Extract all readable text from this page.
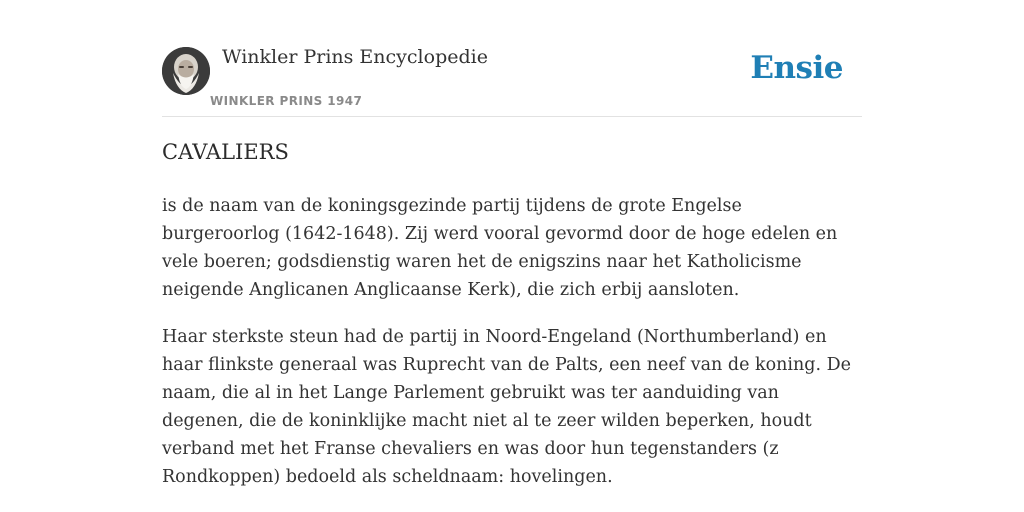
Winkler Prins Encyclopedie
WINKLER PRINS 1947
Ensie
CAVALIERS

is de naam van de koningsgezinde partij tijdens de grote Engelse burgeroorlog (1642-1648). Zij werd vooral gevormd door de hoge edelen en vele boeren; godsdienstig waren het de enigszins naar het Katholicisme neigende Anglicanen Anglicaanse Kerk), die zich erbij aansloten.

Haar sterkste steun had de partij in Noord-Engeland (Northumberland) en haar flinkste generaal was Ruprecht van de Palts, een neef van de koning. De naam, die al in het Lange Parlement gebruikt was ter aanduiding van degenen, die de koninklijke macht niet al te zeer wilden beperken, houdt verband met het Franse chevaliers en was door hun tegenstanders (z Rondkoppen) bedoeld als scheldnaam: hovelingen.
